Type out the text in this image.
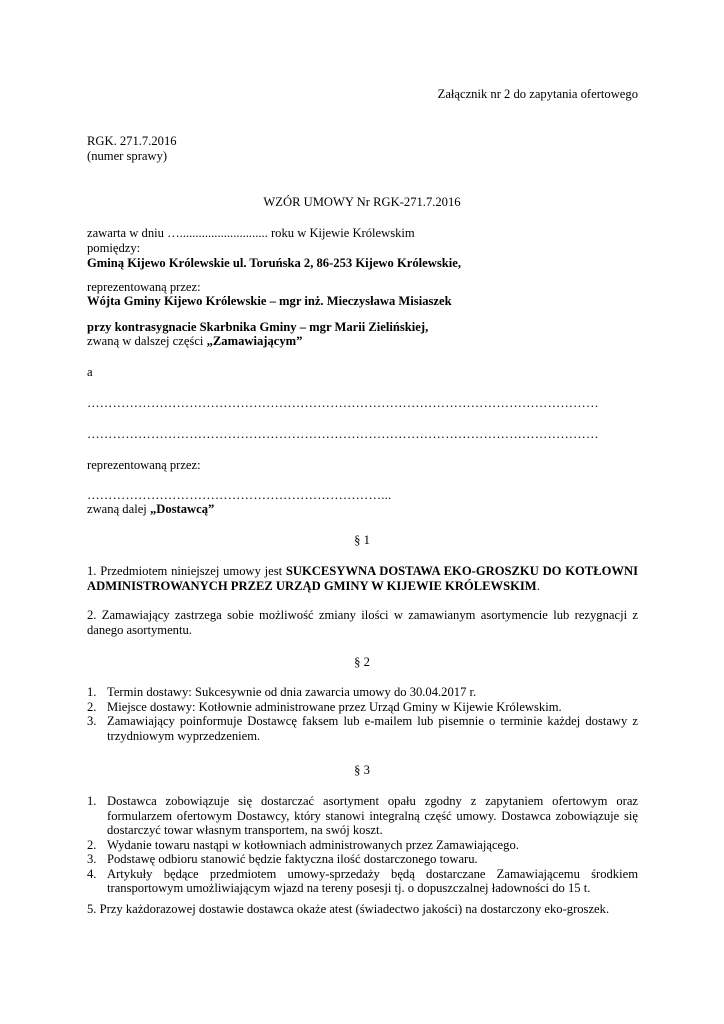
Załącznik nr 2 do zapytania ofertowego
RGK. 271.7.2016
(numer sprawy)
WZÓR UMOWY Nr RGK-271.7.2016
zawarta w dniu …............................ roku w Kijewie Królewskim
pomiędzy:
Gminą Kijewo Królewskie ul. Toruńska 2, 86-253 Kijewo Królewskie,
reprezentowaną przez:
Wójta Gminy Kijewo Królewskie – mgr inż. Mieczysława Misiaszek
przy kontrasygnacie Skarbnika Gminy – mgr Marii Zielińskiej,
zwaną w dalszej części „Zamawiającym”
a
…………………………………………………………………………………………………………
…………………………………………………………………………………………………………
reprezentowaną przez:
……………………………………………………………...
zwaną dalej „Dostawcą”
§ 1
1. Przedmiotem niniejszej umowy jest SUKCESYWNA DOSTAWA EKO-GROSZKU DO KOTŁOWNI ADMINISTROWANYCH PRZEZ URZĄD GMINY W KIJEWIE KRÓLEWSKIM.
2. Zamawiający zastrzega sobie możliwość zmiany ilości w zamawianym asortymencie lub rezygnacji z danego asortymentu.
§ 2
1. Termin dostawy: Sukcesywnie od dnia zawarcia umowy do 30.04.2017 r.
2. Miejsce dostawy: Kotłownie administrowane przez Urząd Gminy w Kijewie Królewskim.
3. Zamawiający poinformuje Dostawcę faksem lub e-mailem lub pisemnie o terminie każdej dostawy z trzydniowym wyprzedzeniem.
§ 3
1. Dostawca zobowiązuje się dostarczać asortyment opału zgodny z zapytaniem ofertowym oraz formularzem ofertowym Dostawcy, który stanowi integralną część umowy. Dostawca zobowiązuje się dostarczyć towar własnym transportem, na swój koszt.
2. Wydanie towaru nastąpi w kotłowniach administrowanych przez Zamawiającego.
3. Podstawę odbioru stanowić będzie faktyczna ilość dostarczonego towaru.
4. Artykuły będące przedmiotem umowy-sprzedaży będą dostarczane Zamawiającemu środkiem transportowym umożliwiającym wjazd na tereny posesji tj. o dopuszczalnej ładowności do 15 t.
5. Przy każdorazowej dostawie dostawca okaże atest (świadectwo jakości) na dostarczony eko-groszek.
